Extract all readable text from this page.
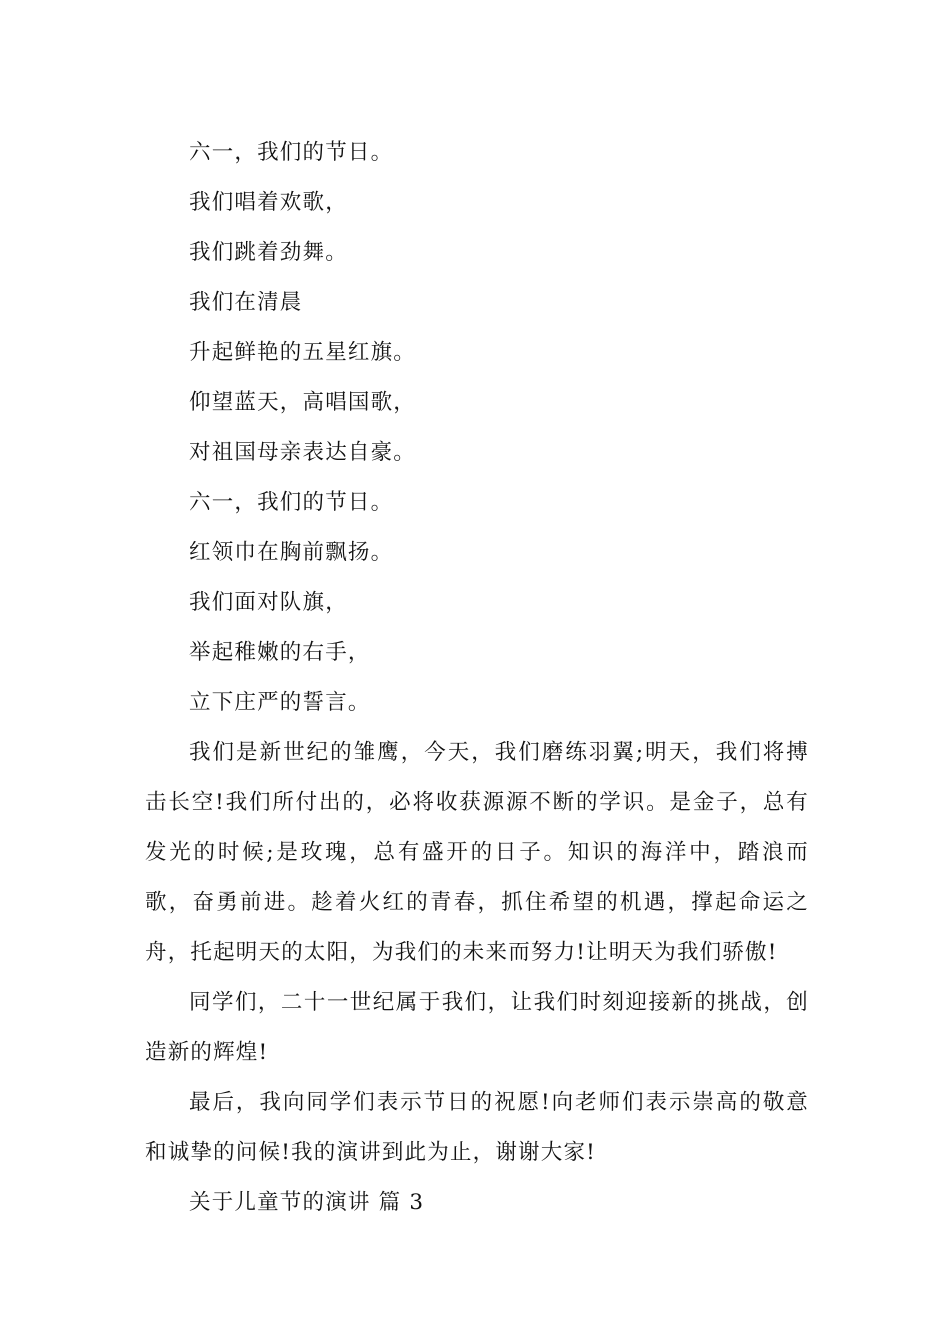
六一，我们的节日。

我们唱着欢歌，

我们跳着劲舞。

我们在清晨

升起鲜艳的五星红旗。

仰望蓝天，高唱国歌，

对祖国母亲表达自豪。

六一，我们的节日。

红领巾在胸前飘扬。

我们面对队旗，

举起稚嫩的右手，

立下庄严的誓言。

我们是新世纪的雏鹰，今天，我们磨练羽翼;明天，我们将搏击长空!我们所付出的，必将收获源源不断的学识。是金子，总有发光的时候;是玫瑰，总有盛开的日子。知识的海洋中，踏浪而歌，奋勇前进。趁着火红的青春，抓住希望的机遇，撑起命运之舟，托起明天的太阳，为我们的未来而努力!让明天为我们骄傲!

同学们，二十一世纪属于我们，让我们时刻迎接新的挑战，创造新的辉煌!

最后，我向同学们表示节日的祝愿!向老师们表示崇高的敬意和诚挚的问候!我的演讲到此为止，谢谢大家!

关于儿童节的演讲 篇 3
